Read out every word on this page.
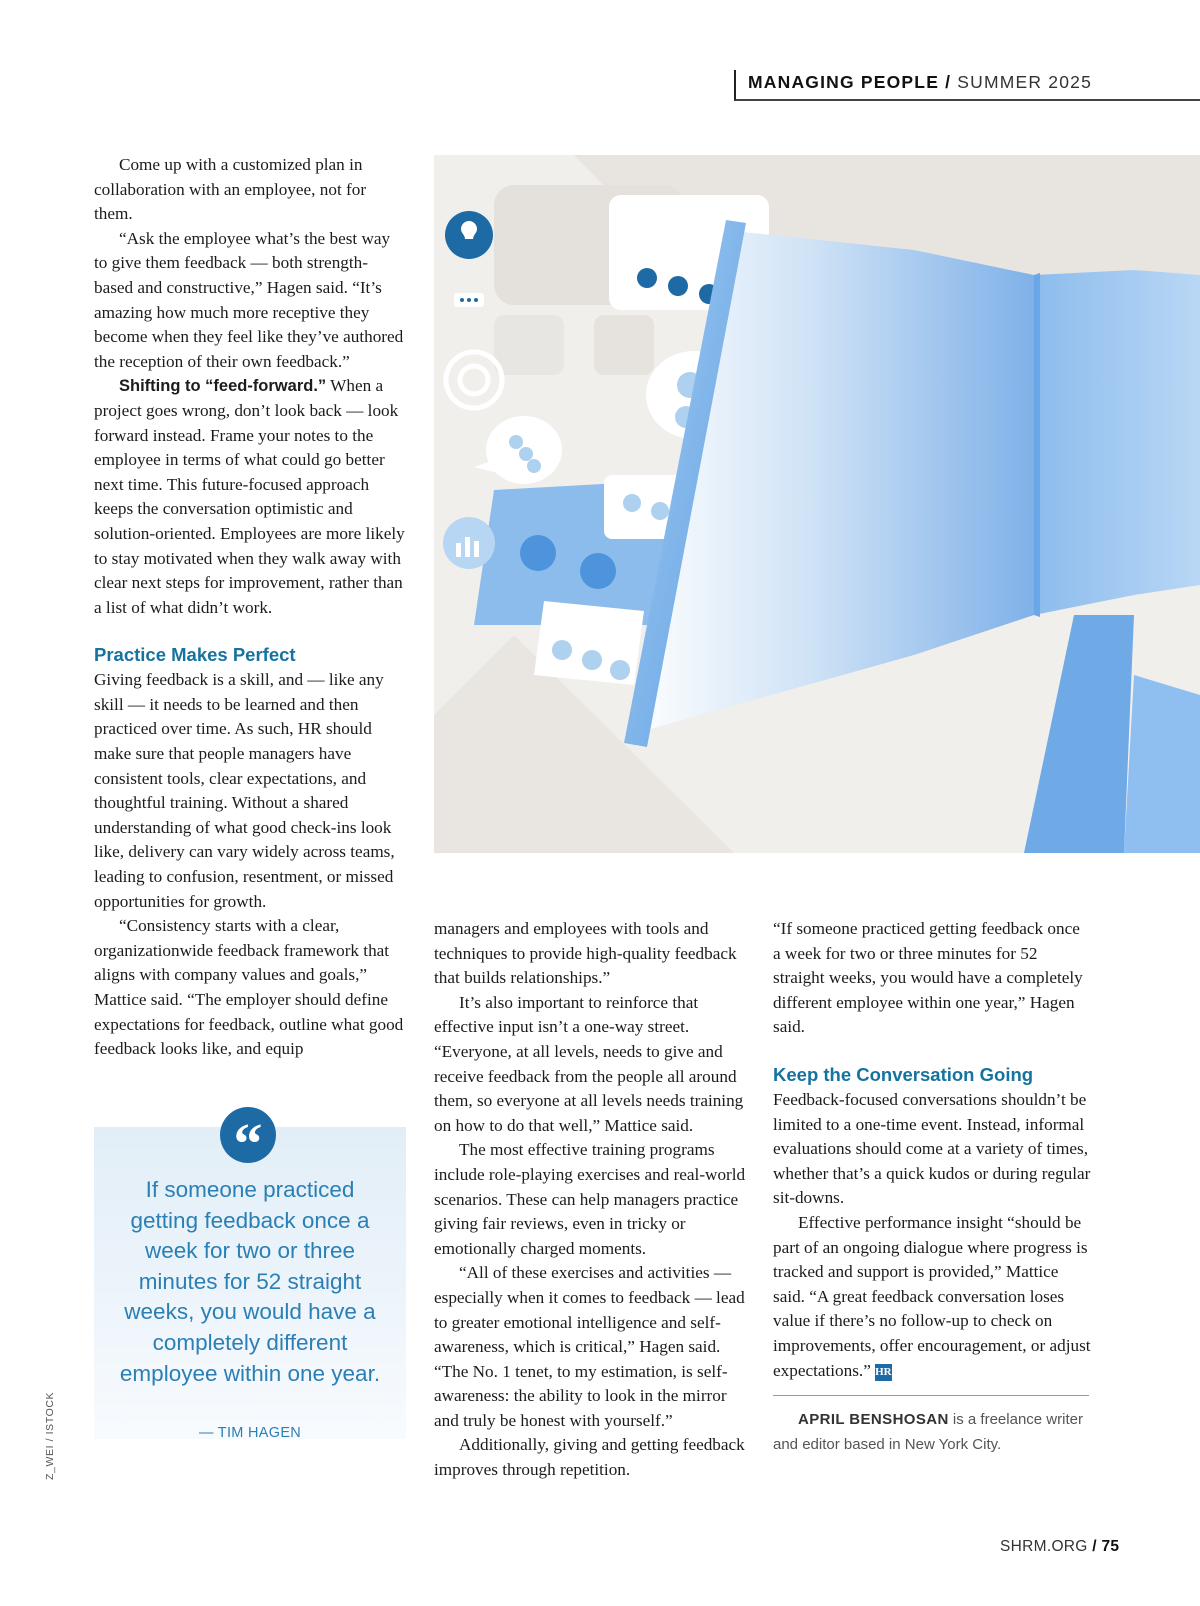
MANAGING PEOPLE / SUMMER 2025

Come up with a customized plan in collaboration with an employee, not for them.

“Ask the employee what’s the best way to give them feedback — both strength-based and constructive,” Hagen said. “It’s amazing how much more receptive they become when they feel like they’ve authored the reception of their own feedback.”

Shifting to “feed-forward.” When a project goes wrong, don’t look back — look forward instead. Frame your notes to the employee in terms of what could go better next time. This future-focused approach keeps the conversation optimistic and solution-oriented. Employees are more likely to stay motivated when they walk away with clear next steps for improvement, rather than a list of what didn’t work.

Practice Makes Perfect

Giving feedback is a skill, and — like any skill — it needs to be learned and then practiced over time. As such, HR should make sure that people managers have consistent tools, clear expectations, and thoughtful training. Without a shared understanding of what good check-ins look like, delivery can vary widely across teams, leading to confusion, resentment, or missed opportunities for growth.

“Consistency starts with a clear, organizationwide feedback framework that aligns with company values and goals,” Mattice said. “The employer should define expectations for feedback, outline what good feedback looks like, and equip

managers and employees with tools and techniques to provide high-quality feedback that builds relationships.”

It’s also important to reinforce that effective input isn’t a one-way street. “Everyone, at all levels, needs to give and receive feedback from the people all around them, so everyone at all levels needs training on how to do that well,” Mattice said.

The most effective training programs include role-playing exercises and real-world scenarios. These can help managers practice giving fair reviews, even in tricky or emotionally charged moments.

“All of these exercises and activities — especially when it comes to feedback — lead to greater emotional intelligence and self-awareness, which is critical,” Hagen said. “The No. 1 tenet, to my estimation, is self-awareness: the ability to look in the mirror and truly be honest with yourself.”

Additionally, giving and getting feedback improves through repetition.

“If someone practiced getting feedback once a week for two or three minutes for 52 straight weeks, you would have a completely different employee within one year,” Hagen said.

Keep the Conversation Going

Feedback-focused conversations shouldn’t be limited to a one-time event. Instead, informal evaluations should come at a variety of times, whether that’s a quick kudos or during regular sit-downs.

Effective performance insight “should be part of an ongoing dialogue where progress is tracked and support is provided,” Mattice said. “A great feedback conversation loses value if there’s no follow-up to check on improvements, offer encouragement, or adjust expectations.” HR

APRIL BENSHOSAN is a freelance writer and editor based in New York City.

If someone practiced getting feedback once a week for two or three minutes for 52 straight weeks, you would have a completely different employee within one year.
— TIM HAGEN
“
Z_WEI / ISTOCK
SHRM.ORG / 75
